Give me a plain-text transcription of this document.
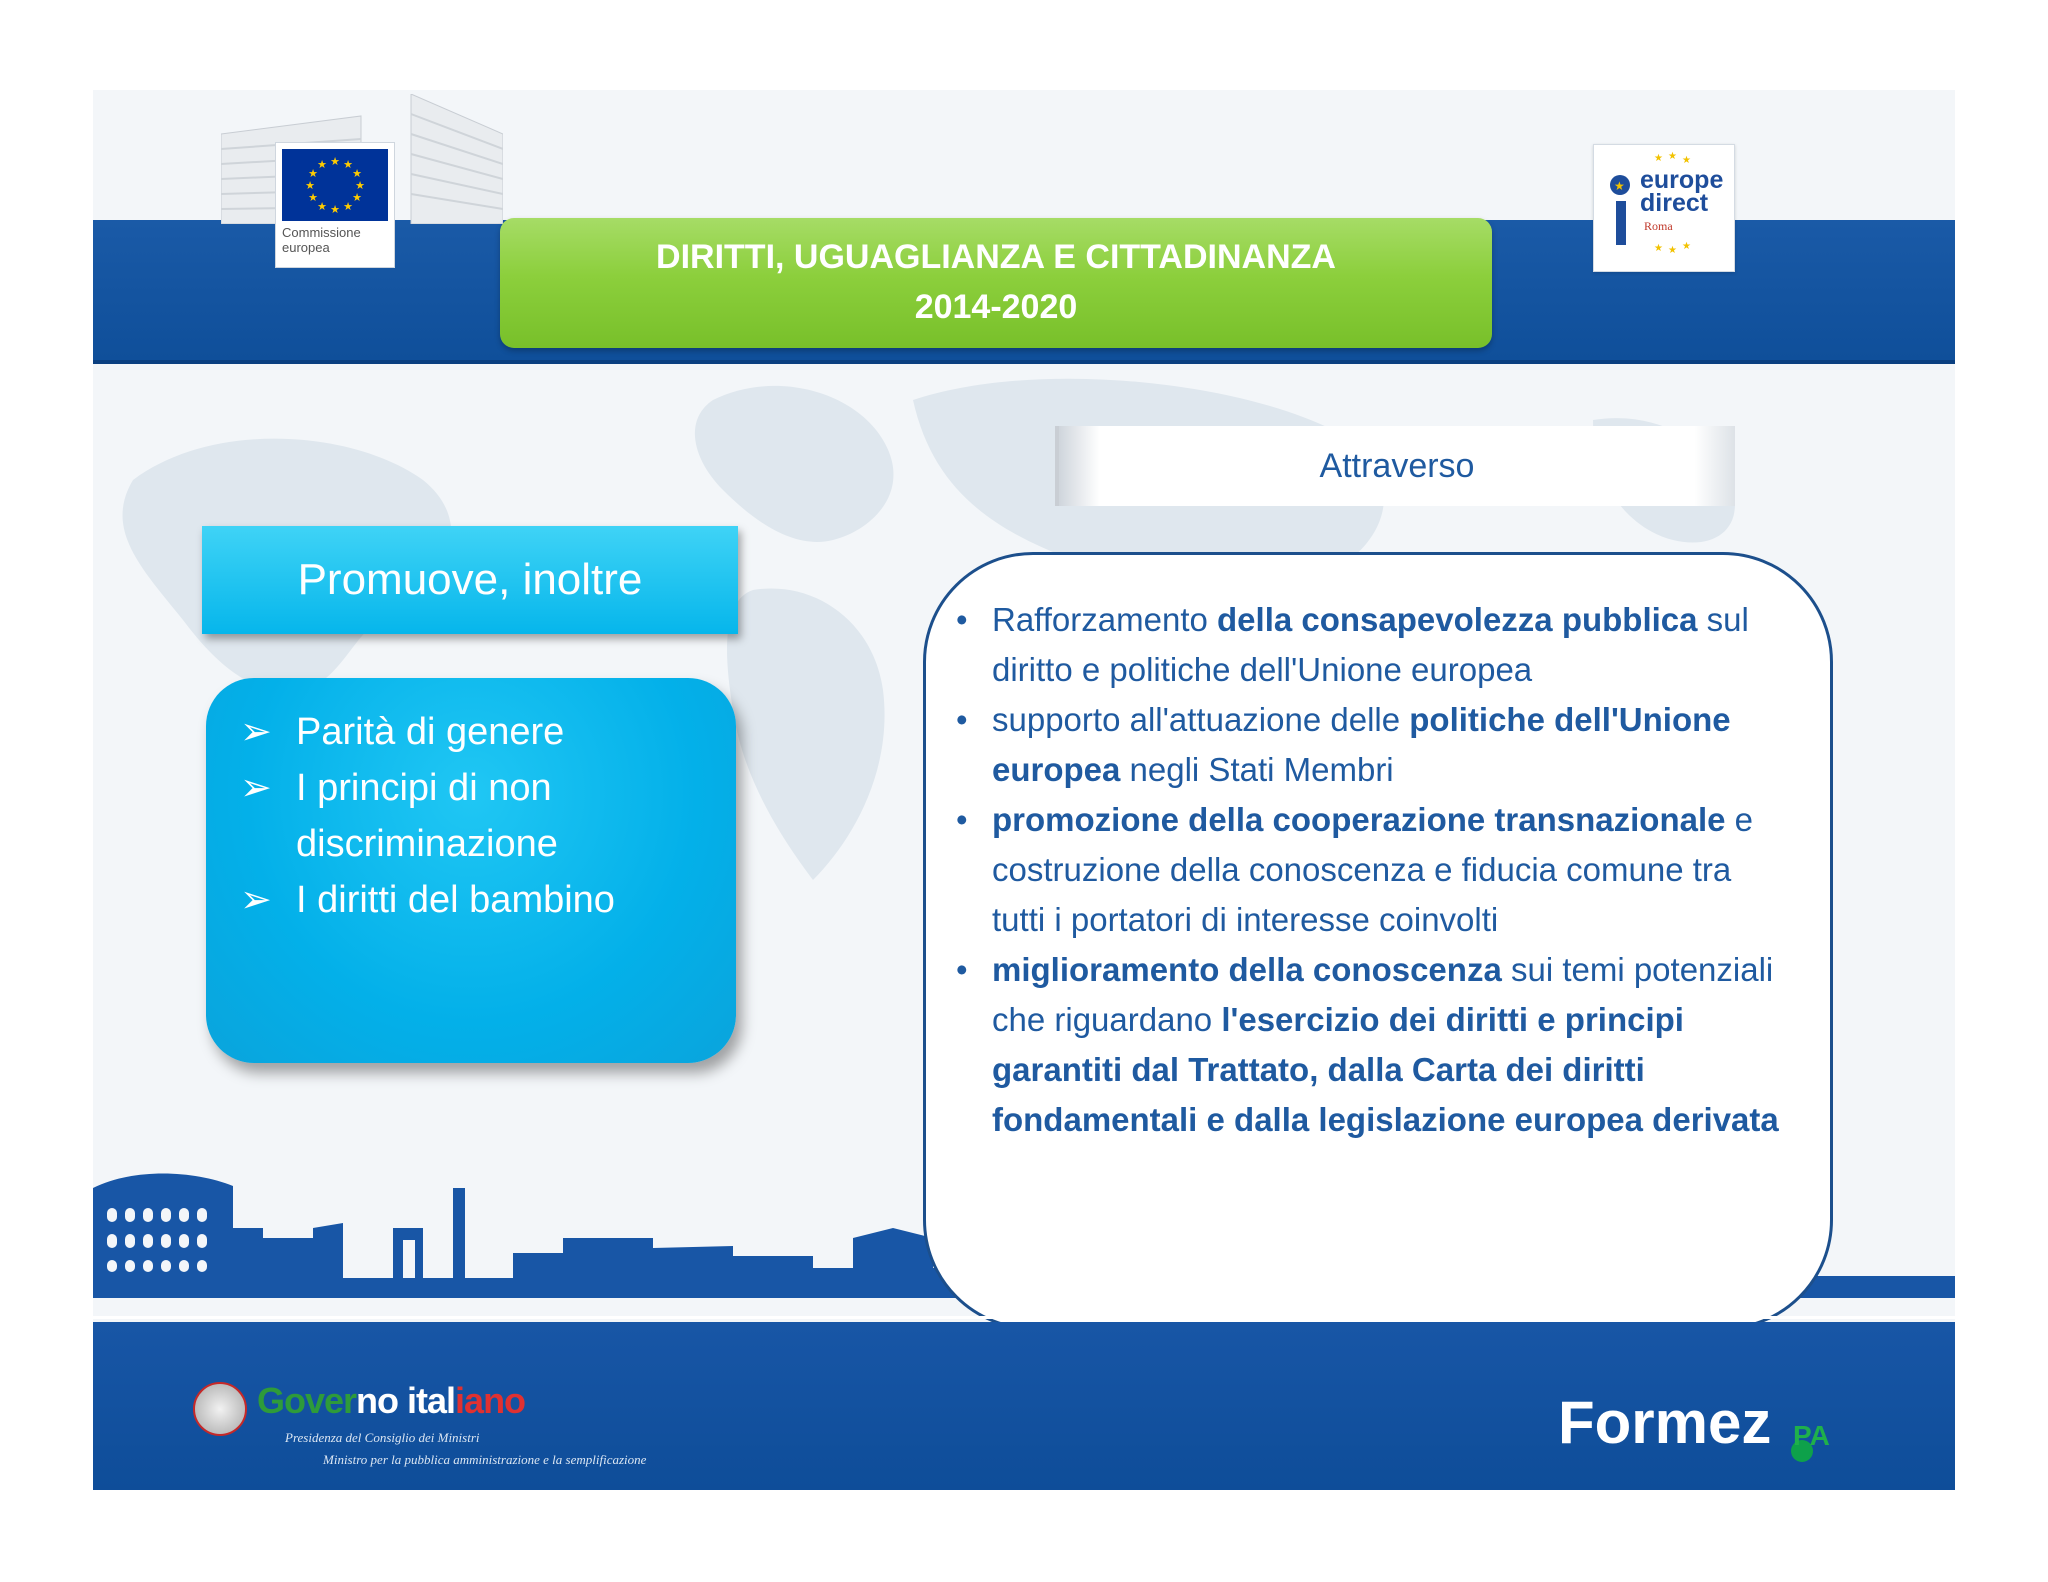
★ ★
★
★
★
★
★
★
★
★
★
★
Commissione
europea	DIRITTI, UGUAGLIANZA E CITTADINANZA
2014-2020
★ ★ ★
★ ★ ★
★ europe
direct
Roma
Attraverso
Promuove, inoltre
➢ Parità di genere
➢ I principi di non discriminazione
➢ I diritti del bambino
• Rafforzamento della consapevolezza pubblica sul diritto e politiche dell'Unione europea
• supporto all'attuazione delle politiche dell'Unione europea negli Stati Membri
• promozione della cooperazione transnazionale e costruzione della conoscenza e fiducia comune tra tutti i portatori di interesse coinvolti
• miglioramento della conoscenza sui temi potenziali che riguardano l'esercizio dei diritti e principi garantiti dal Trattato, dalla Carta dei diritti fondamentali e dalla legislazione europea derivata
Governo italiano
Presidenza del Consiglio dei Ministri
Ministro per la pubblica amministrazione e la semplificazione
Formez PA
